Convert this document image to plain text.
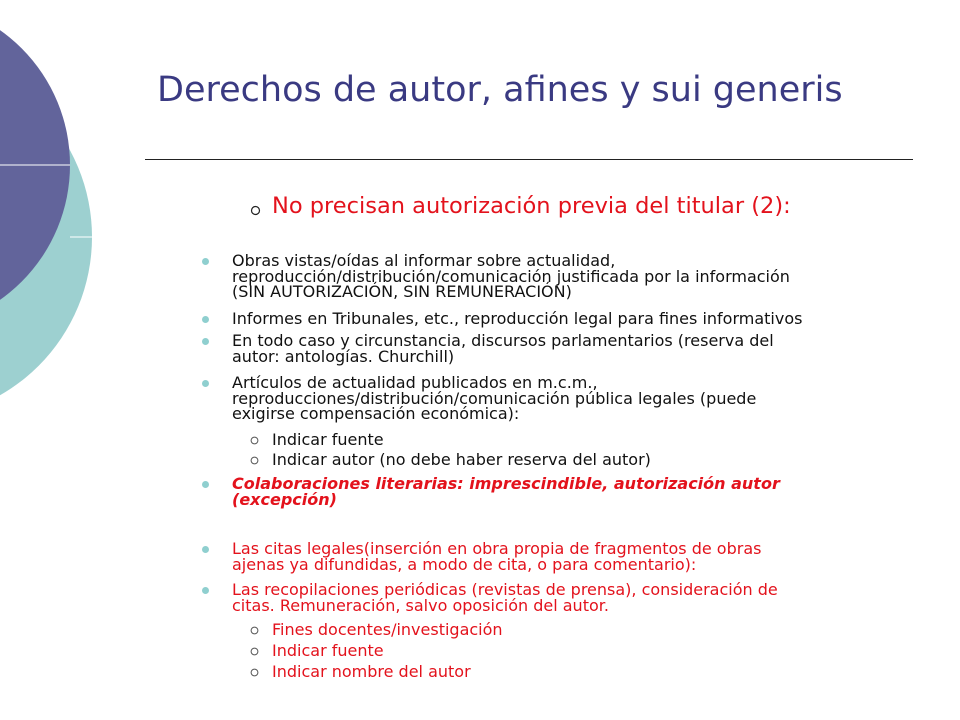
Derechos de autor, afines y sui generis

No precisan autorización previa del titular (2):

Obras vistas/oídas al informar sobre actualidad,
reproducción/distribución/comunicación justificada por la información
(SIN AUTORIZACIÓN, SIN REMUNERACIÓN)
Informes en Tribunales, etc., reproducción legal para fines informativos
En todo caso y circunstancia, discursos parlamentarios (reserva del
autor: antologías. Churchill)
Artículos de actualidad publicados en m.c.m.,
reproducciones/distribución/comunicación pública legales (puede
exigirse compensación económica):
Indicar fuente
Indicar autor (no debe haber reserva del autor)
Colaboraciones literarias: imprescindible, autorización autor
(excepción)
Las citas legales(inserción en obra propia de fragmentos de obras
ajenas ya difundidas, a modo de cita, o para comentario):
Las recopilaciones periódicas (revistas de prensa), consideración de
citas. Remuneración, salvo oposición del autor.
Fines docentes/investigación
Indicar fuente
Indicar nombre del autor
